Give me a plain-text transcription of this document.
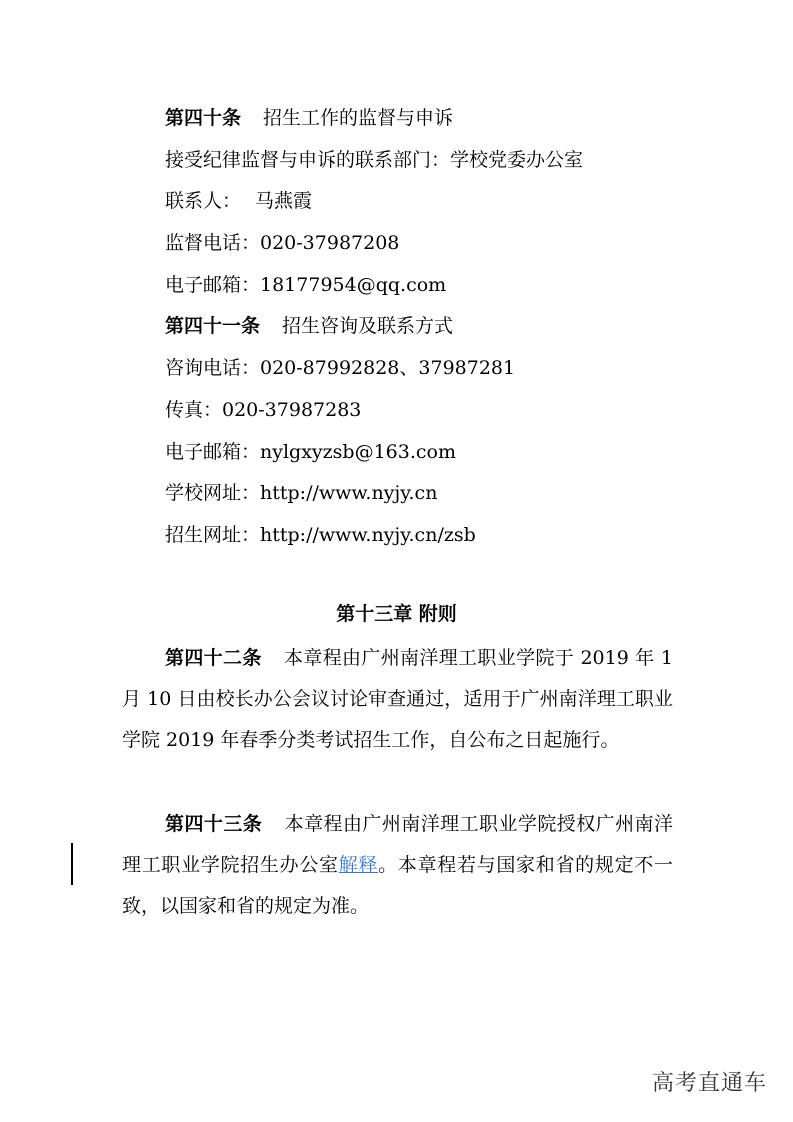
第四十条 招生工作的监督与申诉
接受纪律监督与申诉的联系部门：学校党委办公室
联系人： 马燕霞
监督电话：020-37987208
电子邮箱：18177954@qq.com
第四十一条 招生咨询及联系方式
咨询电话：020-87992828、37987281
传真：020-37987283
电子邮箱：nylgxyzsb@163.com
学校网址：http://www.nyjy.cn
招生网址：http://www.nyjy.cn/zsb
第十三章 附则
第四十二条 本章程由广州南洋理工职业学院于 2019 年 1 月 10 日由校长办公会议讨论审查通过，适用于广州南洋理工职业学院 2019 年春季分类考试招生工作，自公布之日起施行。
第四十三条 本章程由广州南洋理工职业学院授权广州南洋理工职业学院招生办公室解释。本章程若与国家和省的规定不一致，以国家和省的规定为准。
高考直通车
